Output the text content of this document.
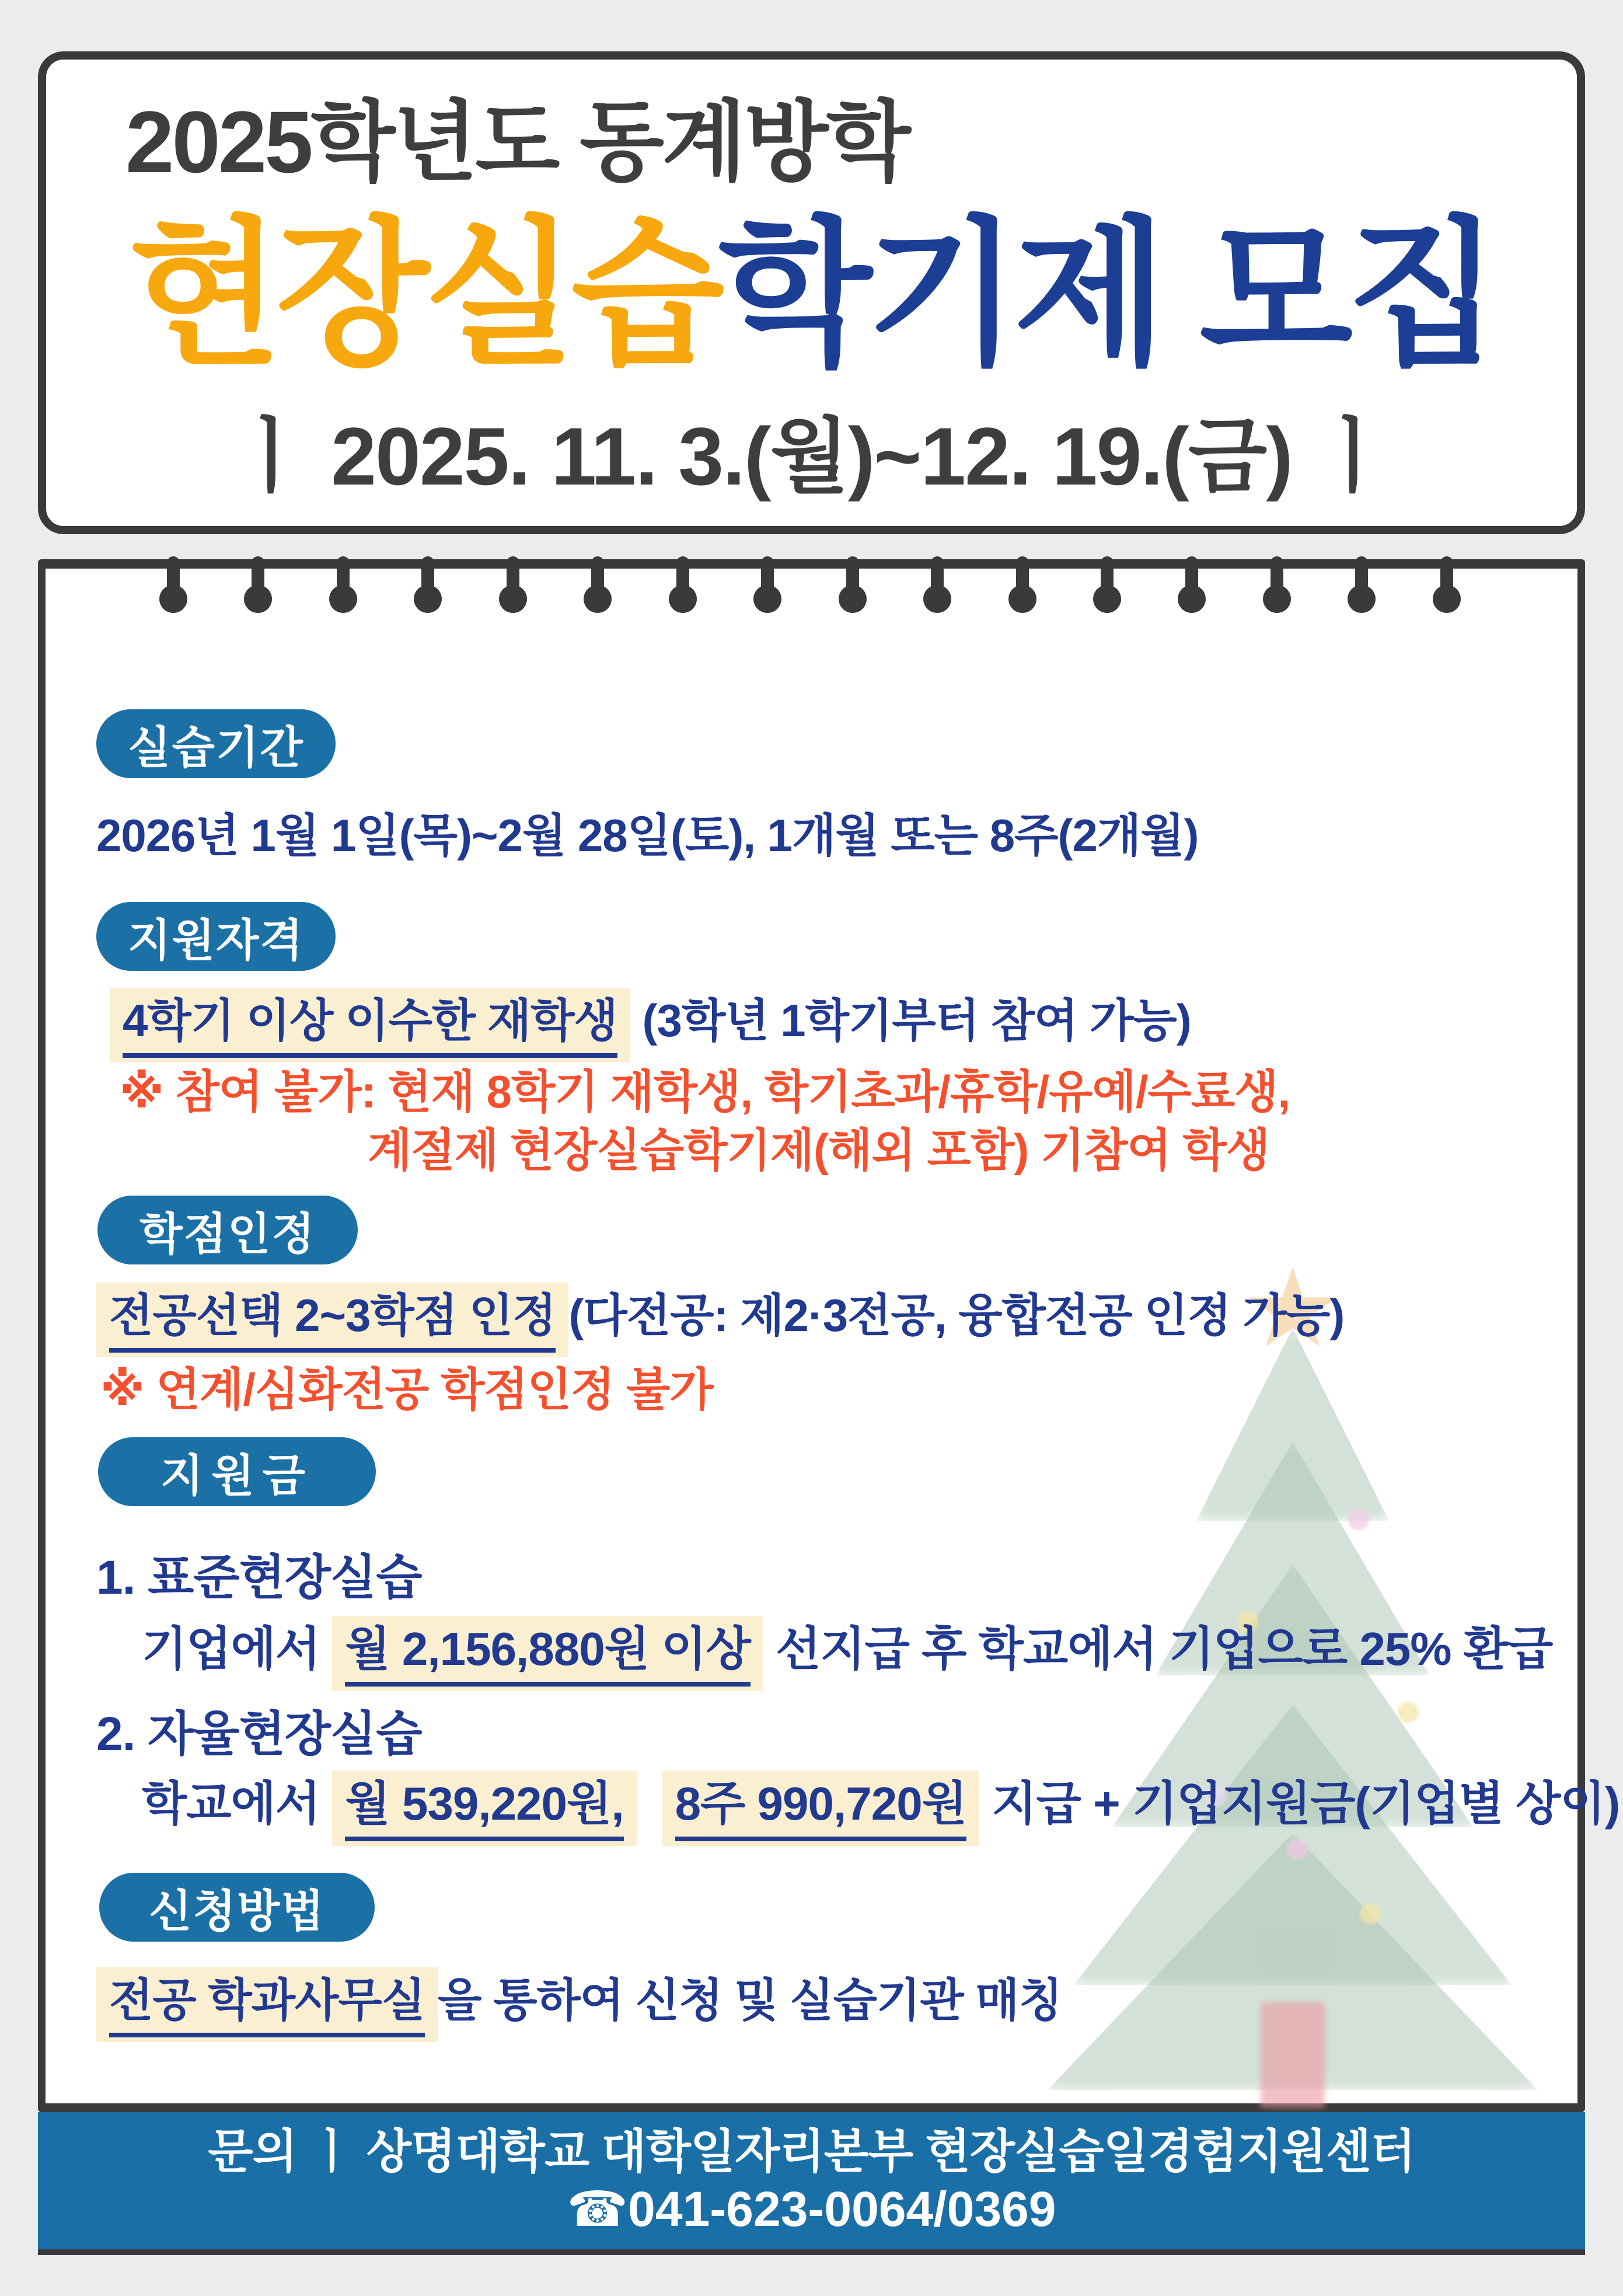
2025학년도 동계방학
현장실습학기제 모집
ㅣ 2025. 11. 3.(월)~12. 19.(금) ㅣ
실습기간
2026년 1월 1일(목)~2월 28일(토), 1개월 또는 8주(2개월)
지원자격
4학기 이상 이수한 재학생 (3학년 1학기부터 참여 가능)
※ 참여 불가: 현재 8학기 재학생, 학기초과/휴학/유예/수료생,
계절제 현장실습학기제(해외 포함) 기참여 학생
학점인정
전공선택 2~3학점 인정 (다전공: 제2·3전공, 융합전공 인정 가능)
※ 연계/심화전공 학점인정 불가
지원금
1. 표준현장실습
기업에서 월 2,156,880원 이상 선지급 후 학교에서 기업으로 25% 환급
2. 자율현장실습
학교에서 월 539,220원, 8주 990,720원 지급 + 기업지원금(기업별 상이)
신청방법
전공 학과사무실 을 통하여 신청 및 실습기관 매칭
문의 ㅣ 상명대학교 대학일자리본부 현장실습일경험지원센터
☎041-623-0064/0369
